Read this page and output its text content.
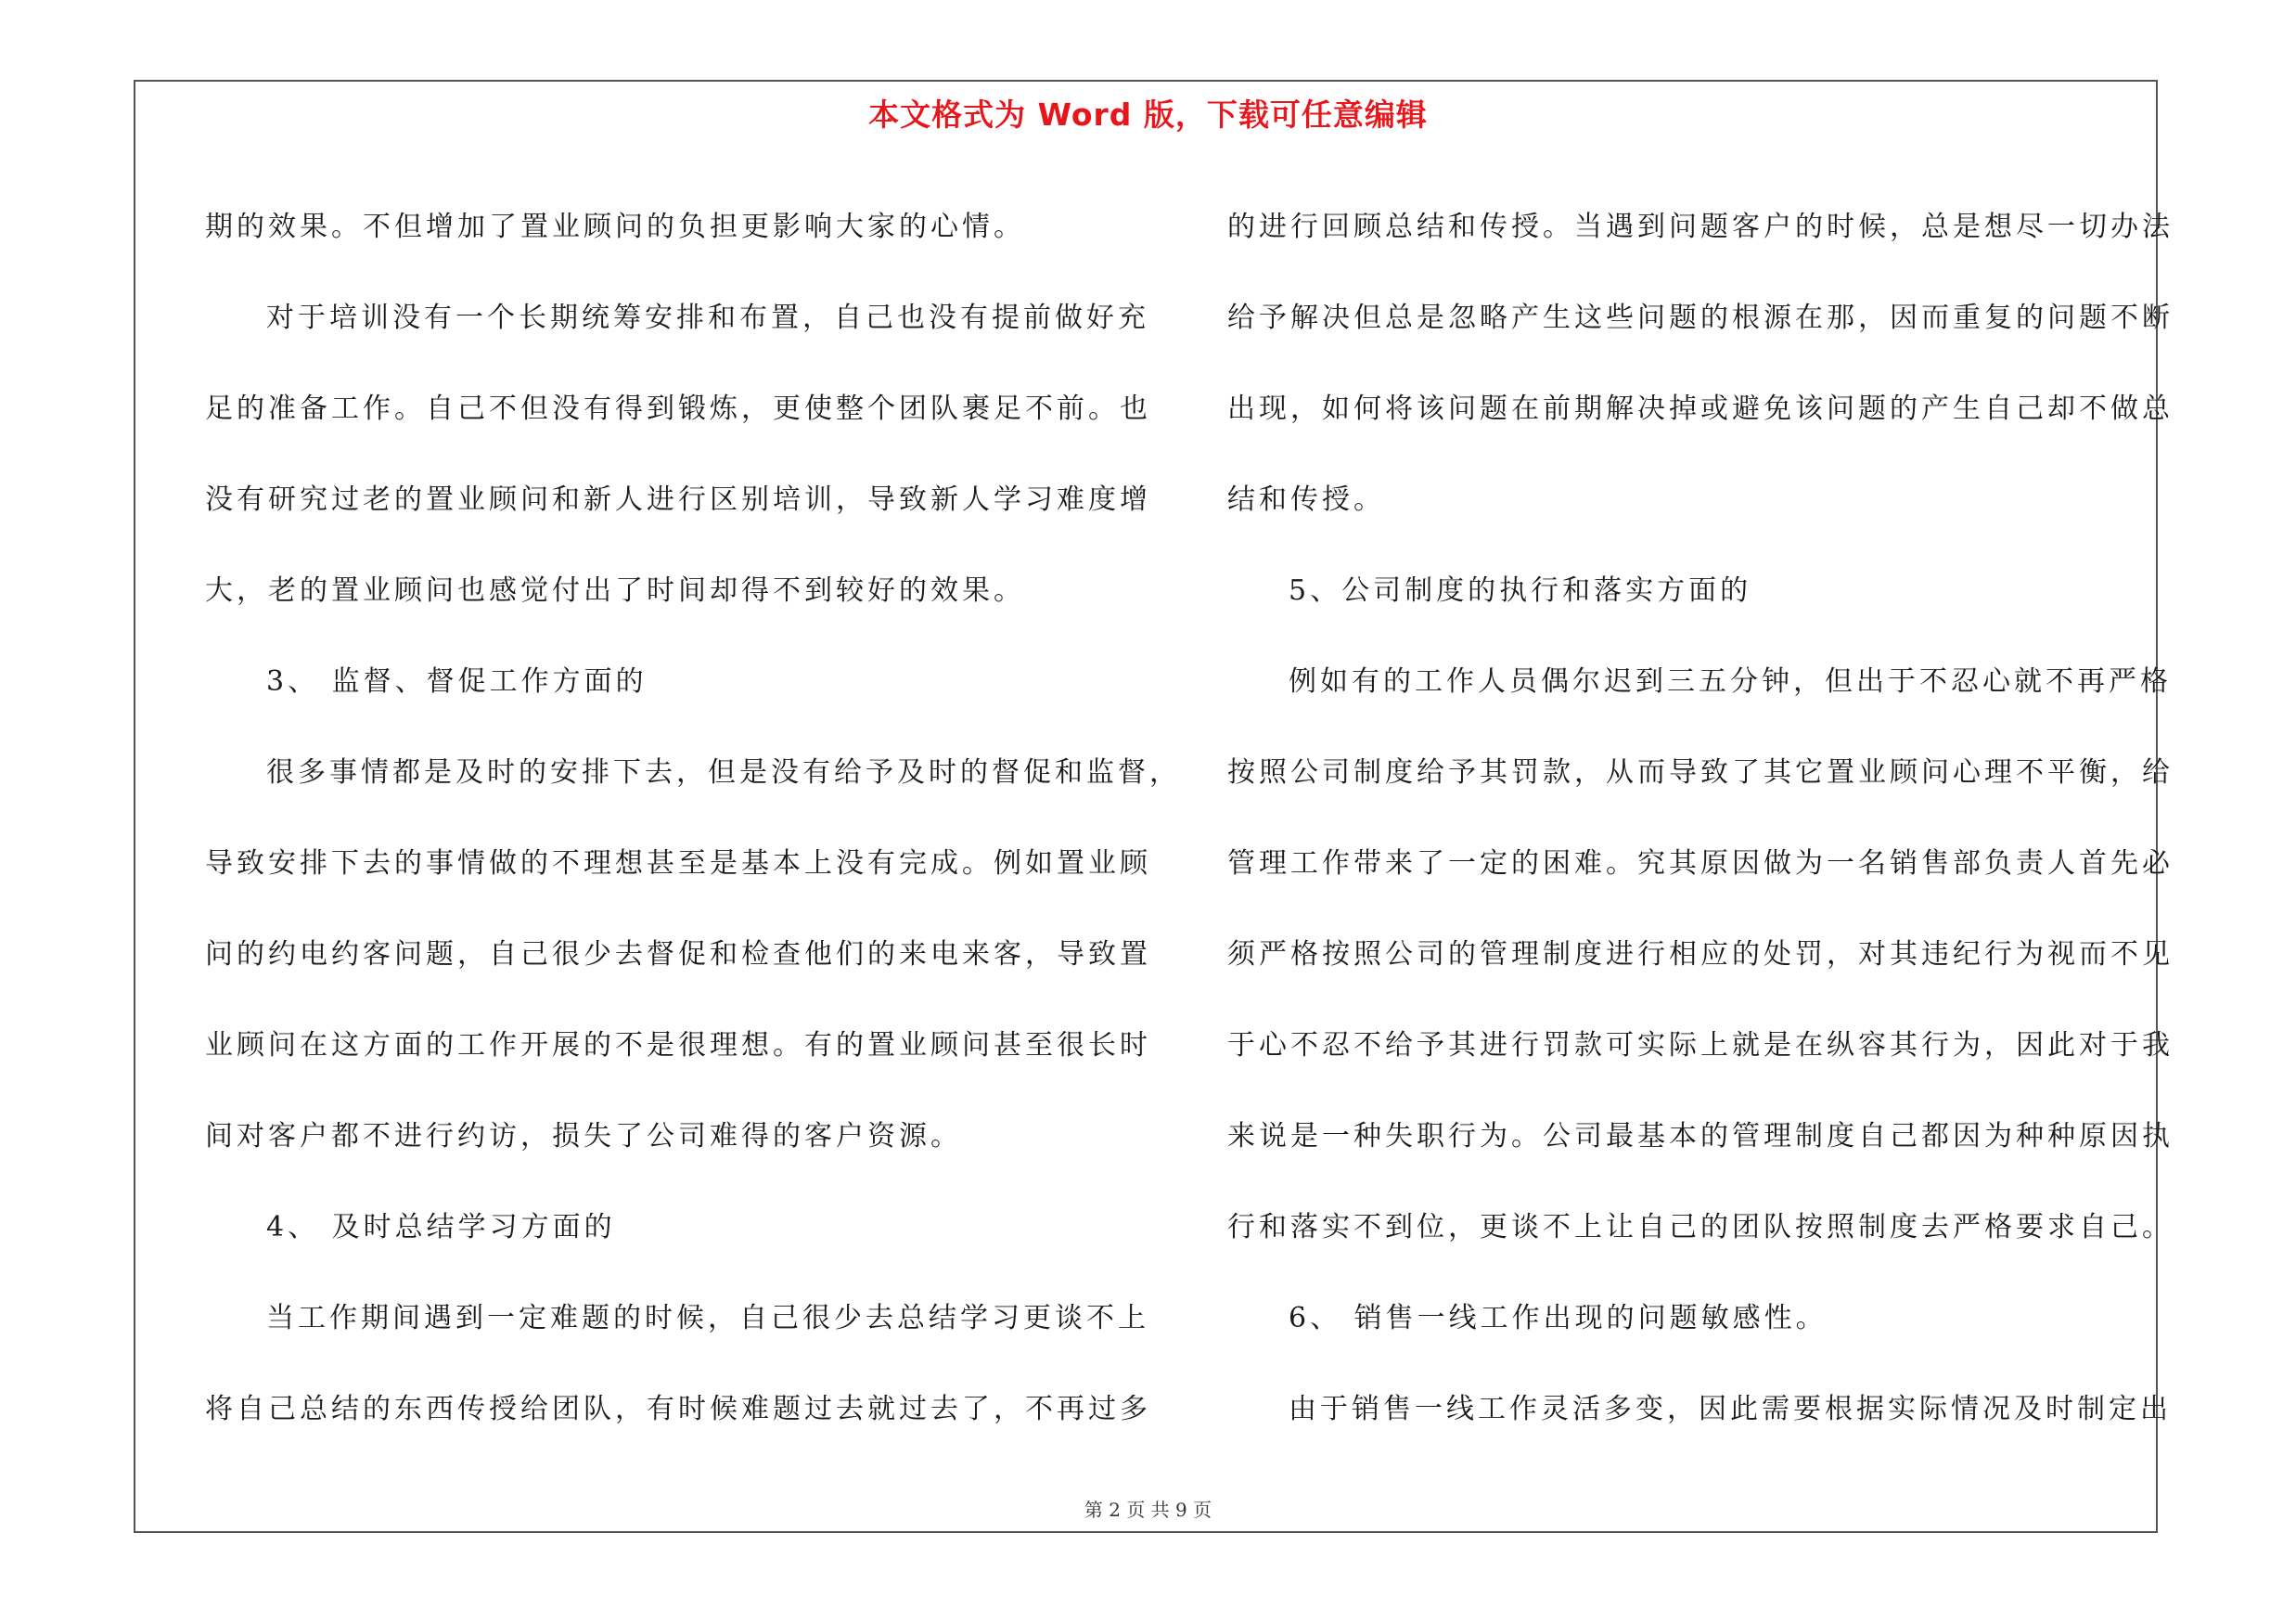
本文格式为 Word 版，下载可任意编辑
期的效果。不但增加了置业顾问的负担更影响大家的心情。
对于培训没有一个长期统筹安排和布置，自己也没有提前做好充
足的准备工作。自己不但没有得到锻炼，更使整个团队裹足不前。也
没有研究过老的置业顾问和新人进行区别培训，导致新人学习难度增
大，老的置业顾问也感觉付出了时间却得不到较好的效果。
3、 监督、督促工作方面的
很多事情都是及时的安排下去，但是没有给予及时的督促和监督，
导致安排下去的事情做的不理想甚至是基本上没有完成。例如置业顾
问的约电约客问题，自己很少去督促和检查他们的来电来客，导致置
业顾问在这方面的工作开展的不是很理想。有的置业顾问甚至很长时
间对客户都不进行约访，损失了公司难得的客户资源。
4、 及时总结学习方面的
当工作期间遇到一定难题的时候，自己很少去总结学习更谈不上
将自己总结的东西传授给团队，有时候难题过去就过去了，不再过多
的进行回顾总结和传授。当遇到问题客户的时候，总是想尽一切办法
给予解决但总是忽略产生这些问题的根源在那，因而重复的问题不断
出现，如何将该问题在前期解决掉或避免该问题的产生自己却不做总
结和传授。
5、公司制度的执行和落实方面的
例如有的工作人员偶尔迟到三五分钟，但出于不忍心就不再严格
按照公司制度给予其罚款，从而导致了其它置业顾问心理不平衡，给
管理工作带来了一定的困难。究其原因做为一名销售部负责人首先必
须严格按照公司的管理制度进行相应的处罚，对其违纪行为视而不见
于心不忍不给予其进行罚款可实际上就是在纵容其行为，因此对于我
来说是一种失职行为。公司最基本的管理制度自己都因为种种原因执
行和落实不到位，更谈不上让自己的团队按照制度去严格要求自己。
6、 销售一线工作出现的问题敏感性。
由于销售一线工作灵活多变，因此需要根据实际情况及时制定出
第 2 页 共 9 页
